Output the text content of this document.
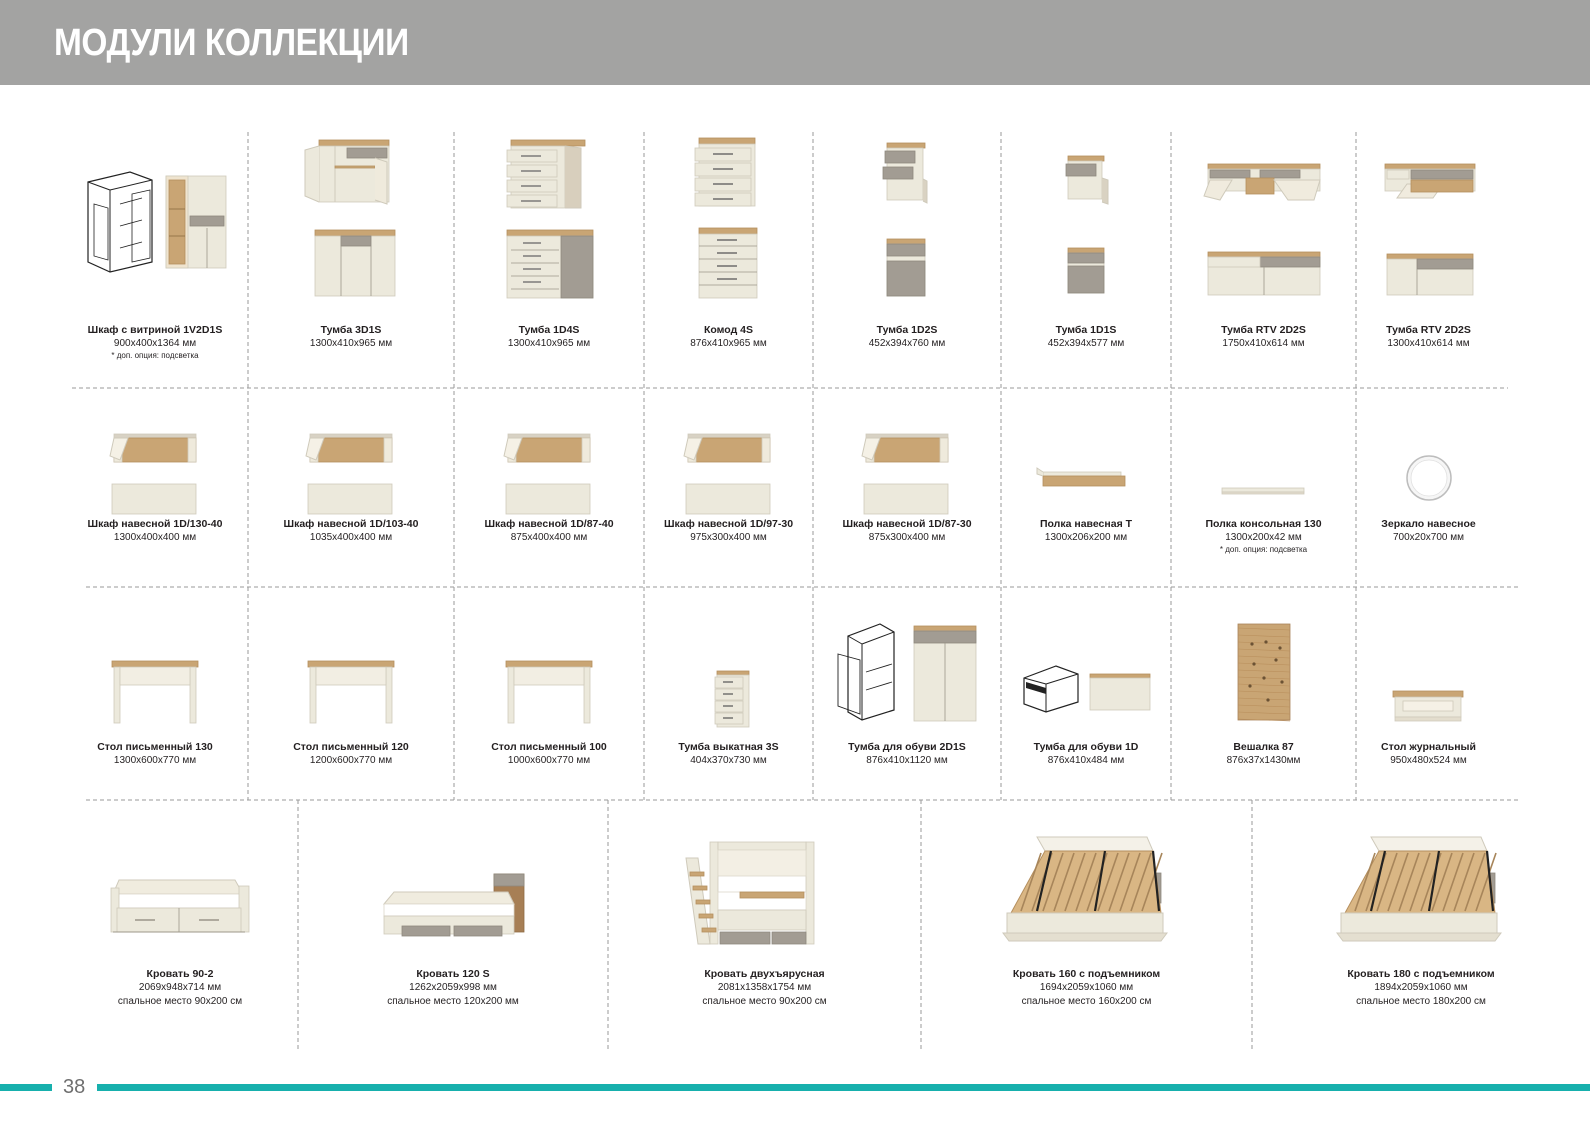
МОДУЛИ КОЛЛЕКЦИИ
Шкаф с витриной 1V2D1S
900x400x1364 мм
* доп. опция: подсветка
Тумба 3D1S
1300x410x965 мм
Тумба 1D4S
1300x410x965 мм
Комод 4S
876x410x965 мм
Тумба 1D2S
452x394x760 мм
Тумба 1D1S
452x394x577 мм
Тумба RTV 2D2S
1750x410x614 мм
Тумба RTV 2D2S
1300x410x614 мм
Шкаф навесной 1D/130-40
1300x400x400 мм
Шкаф навесной 1D/103-40
1035x400x400 мм
Шкаф навесной 1D/87-40
875x400x400 мм
Шкаф навесной 1D/97-30
975x300x400 мм
Шкаф навесной 1D/87-30
875x300x400 мм
Полка навесная T
1300x206x200 мм
Полка консольная 130
1300x200x42 мм
* доп. опция: подсветка
Зеркало навесное
700x20x700 мм
Стол письменный 130
1300x600x770 мм
Стол письменный 120
1200x600x770 мм
Стол письменный 100
1000x600x770 мм
Тумба выкатная 3S
404x370x730 мм
Тумба для обуви 2D1S
876x410x1120 мм
Тумба для обуви 1D
876x410x484 мм
Вешалка 87
876x37x1430мм
Стол журнальный
950x480x524 мм
Кровать 90-2
2069x948x714 мм
спальное место 90x200 см
Кровать 120 S
1262x2059x998 мм
спальное место 120x200 мм
Кровать двухъярусная
2081x1358x1754 мм
спальное место 90x200 см
Кровать 160 с подъемником
1694x2059x1060 мм
спальное место 160x200 см
Кровать 180 с подъемником
1894x2059x1060 мм
спальное место 180x200 см
38
